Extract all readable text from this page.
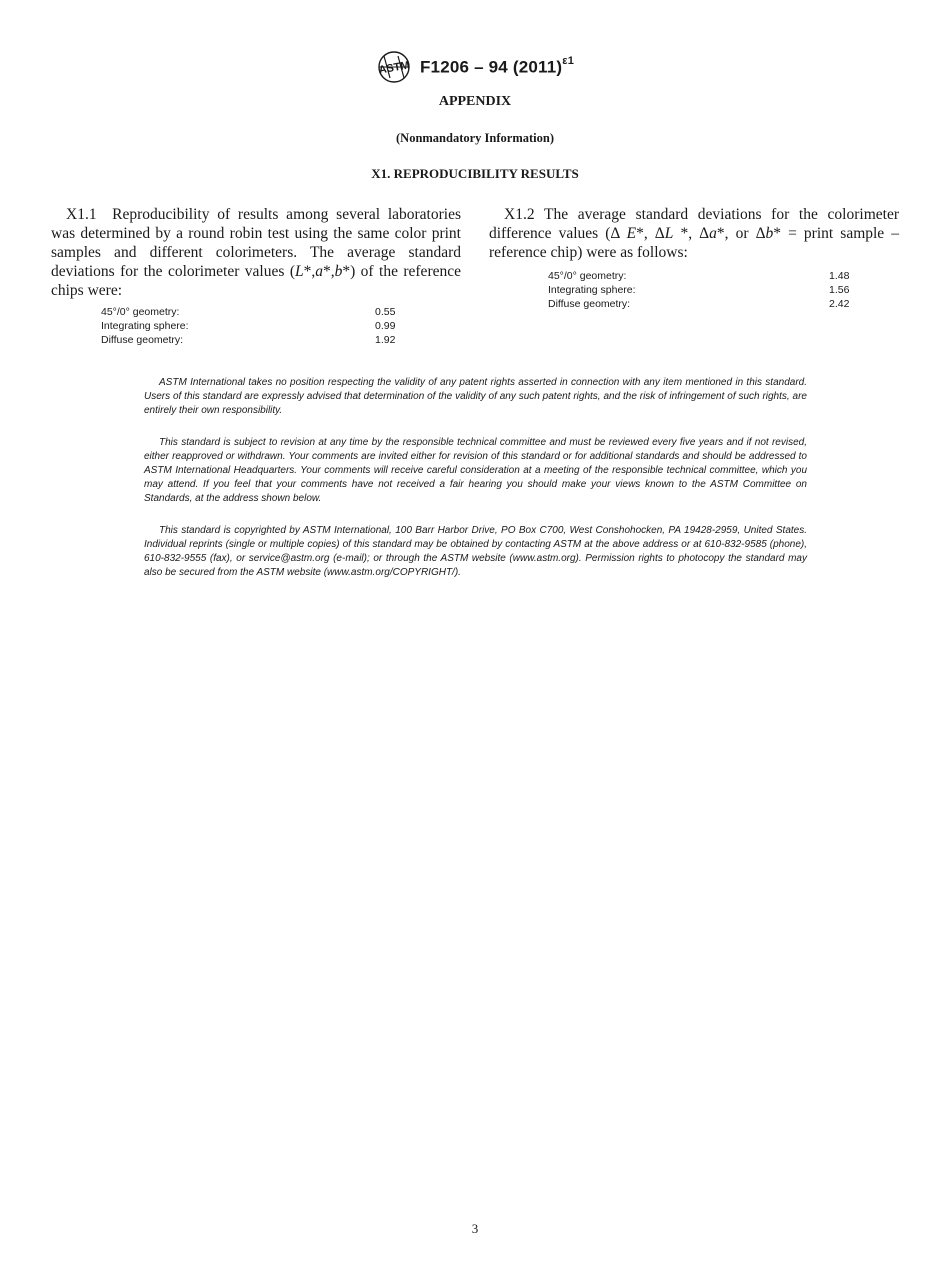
ASTM F1206 – 94 $(2011)^{\varepsilon 1}$
APPENDIX
(Nonmandatory Information)
X1. REPRODUCIBILITY RESULTS
X1.1 Reproducibility of results among several laboratories was determined by a round robin test using the same color print samples and different colorimeters. The average standard deviations for the colorimeter values (L*,a*,b*) of the reference chips were:
45°/0° geometry:	0.55
Integrating sphere:	0.99
Diffuse geometry:	1.92
X1.2 The average standard deviations for the colorimeter difference values (Δ E*, ΔL *, Δa*, or Δb* = print sample – reference chip) were as follows:
45°/0° geometry:	1.48
Integrating sphere:	1.56
Diffuse geometry:	2.42
ASTM International takes no position respecting the validity of any patent rights asserted in connection with any item mentioned in this standard. Users of this standard are expressly advised that determination of the validity of any such patent rights, and the risk of infringement of such rights, are entirely their own responsibility.
This standard is subject to revision at any time by the responsible technical committee and must be reviewed every five years and if not revised, either reapproved or withdrawn. Your comments are invited either for revision of this standard or for additional standards and should be addressed to ASTM International Headquarters. Your comments will receive careful consideration at a meeting of the responsible technical committee, which you may attend. If you feel that your comments have not received a fair hearing you should make your views known to the ASTM Committee on Standards, at the address shown below.
This standard is copyrighted by ASTM International, 100 Barr Harbor Drive, PO Box C700, West Conshohocken, PA 19428-2959, United States. Individual reprints (single or multiple copies) of this standard may be obtained by contacting ASTM at the above address or at 610-832-9585 (phone), 610-832-9555 (fax), or service@astm.org (e-mail); or through the ASTM website (www.astm.org). Permission rights to photocopy the standard may also be secured from the ASTM website (www.astm.org/COPYRIGHT/).
3
